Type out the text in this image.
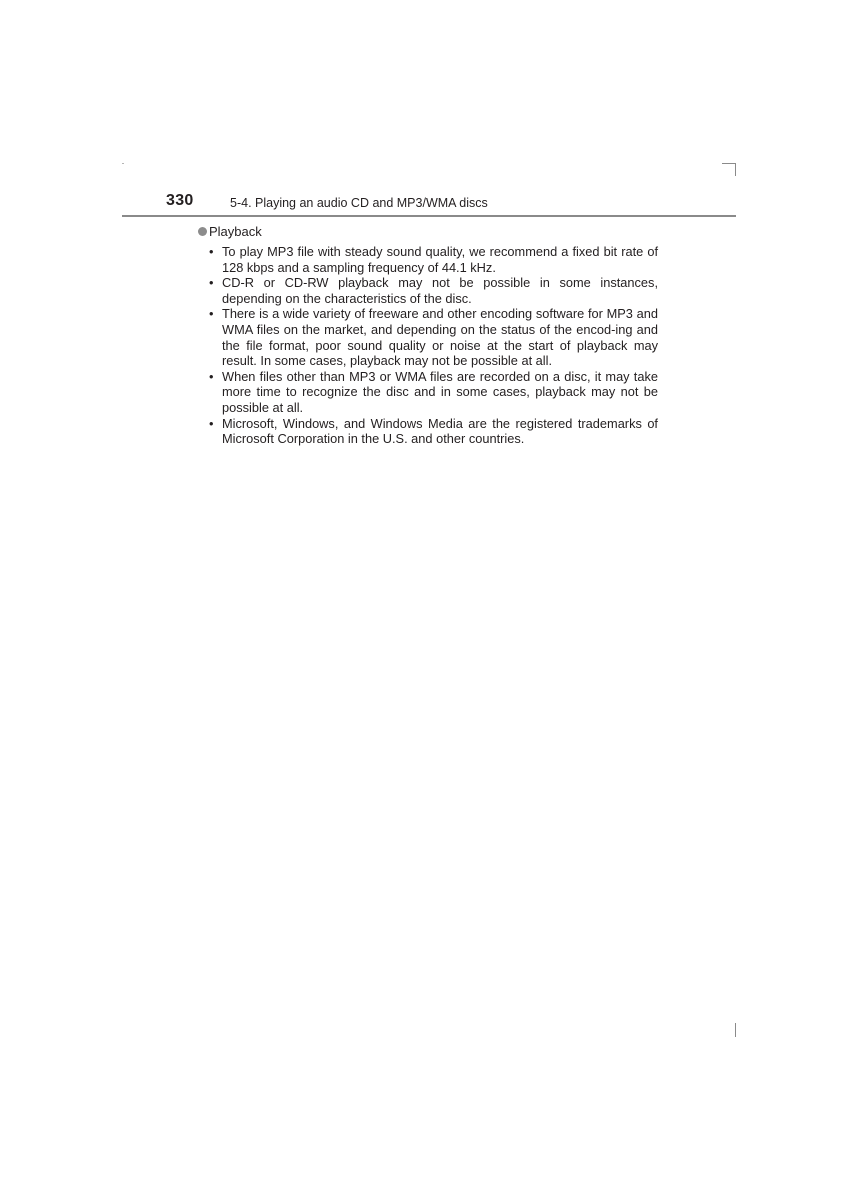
330	5-4. Playing an audio CD and MP3/WMA discs
Playback
• To play MP3 file with steady sound quality, we recommend a fixed bit rate of 128 kbps and a sampling frequency of 44.1 kHz.
• CD-R or CD-RW playback may not be possible in some instances, depending on the characteristics of the disc.
• There is a wide variety of freeware and other encoding software for MP3 and WMA files on the market, and depending on the status of the encod-ing and the file format, poor sound quality or noise at the start of playback may result. In some cases, playback may not be possible at all.
• When files other than MP3 or WMA files are recorded on a disc, it may take more time to recognize the disc and in some cases, playback may not be possible at all.
• Microsoft, Windows, and Windows Media are the registered trademarks of Microsoft Corporation in the U.S. and other countries.
